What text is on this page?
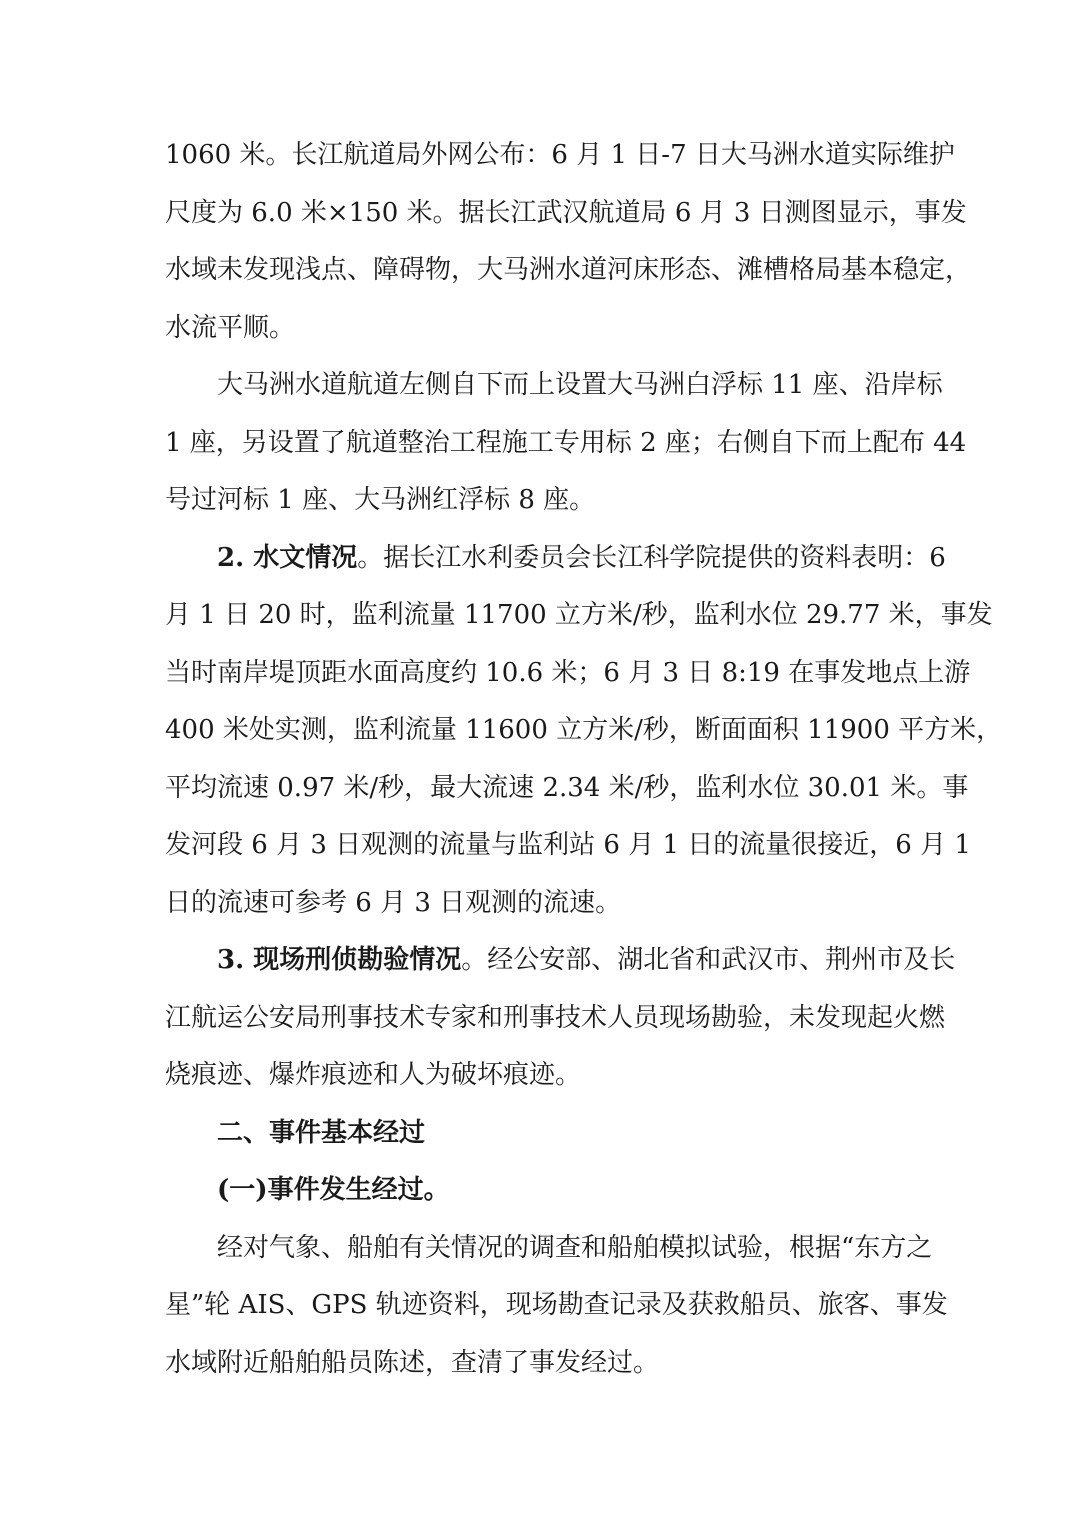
1060 米。长江航道局外网公布：6 月 1 日-7 日大马洲水道实际维护
尺度为 6.0 米×150 米。据长江武汉航道局 6 月 3 日测图显示，事发
水域未发现浅点、障碍物，大马洲水道河床形态、滩槽格局基本稳定，
水流平顺。
大马洲水道航道左侧自下而上设置大马洲白浮标 11 座、沿岸标
1 座，另设置了航道整治工程施工专用标 2 座；右侧自下而上配布 44
号过河标 1 座、大马洲红浮标 8 座。
2. 水文情况。据长江水利委员会长江科学院提供的资料表明：6
月 1 日 20 时，监利流量 11700 立方米/秒，监利水位 29.77 米，事发
当时南岸堤顶距水面高度约 10.6 米；6 月 3 日 8:19 在事发地点上游
400 米处实测，监利流量 11600 立方米/秒，断面面积 11900 平方米，
平均流速 0.97 米/秒，最大流速 2.34 米/秒，监利水位 30.01 米。事
发河段 6 月 3 日观测的流量与监利站 6 月 1 日的流量很接近，6 月 1
日的流速可参考 6 月 3 日观测的流速。
3. 现场刑侦勘验情况。经公安部、湖北省和武汉市、荆州市及长
江航运公安局刑事技术专家和刑事技术人员现场勘验，未发现起火燃
烧痕迹、爆炸痕迹和人为破坏痕迹。
二、事件基本经过
(一)事件发生经过。
经对气象、船舶有关情况的调查和船舶模拟试验，根据“东方之
星”轮 AIS、GPS 轨迹资料，现场勘查记录及获救船员、旅客、事发
水域附近船舶船员陈述，查清了事发经过。
